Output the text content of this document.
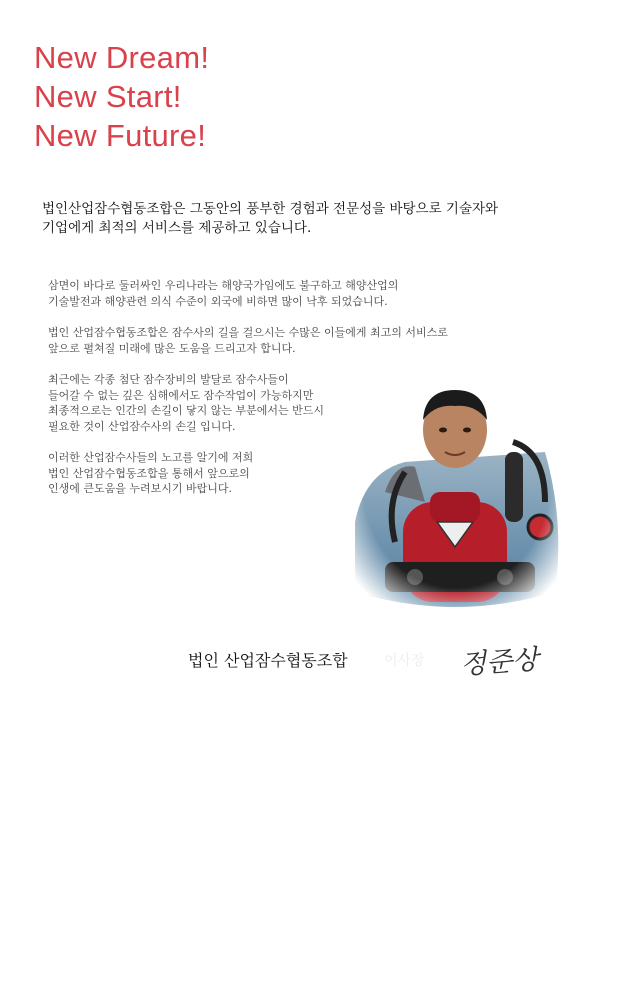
New Dream!
New Start!
New Future!
법인산업잠수협동조합은 그동안의 풍부한 경험과 전문성을 바탕으로 기술자와
기업에게 최적의 서비스를 제공하고 있습니다.
삼면이 바다로 둘러싸인 우리나라는 해양국가임에도 불구하고 해양산업의
기술발전과 해양관련 의식 수준이 외국에 비하면 많이 낙후 되었습니다.
법인 산업잠수협동조합은 잠수사의 길을 걸으시는 수많은 이들에게 최고의 서비스로
앞으로 펼쳐질 미래에 많은 도움을 드리고자 합니다.
최근에는 각종 첨단 잠수장비의 발달로 잠수사들이
들어갈 수 없는 깊은 심해에서도 잠수작업이 가능하지만
최종적으로는 인간의 손길이 닿지 않는 부분에서는 반드시
필요한 것이 산업잠수사의 손길 입니다.
이러한 산업잠수사들의 노고를 알기에 저희
법인 산업잠수협동조합을 통해서 앞으로의
인생에 큰도움을 누려보시기 바랍니다.
법인 산업잠수협동조합	이사장 정준상
